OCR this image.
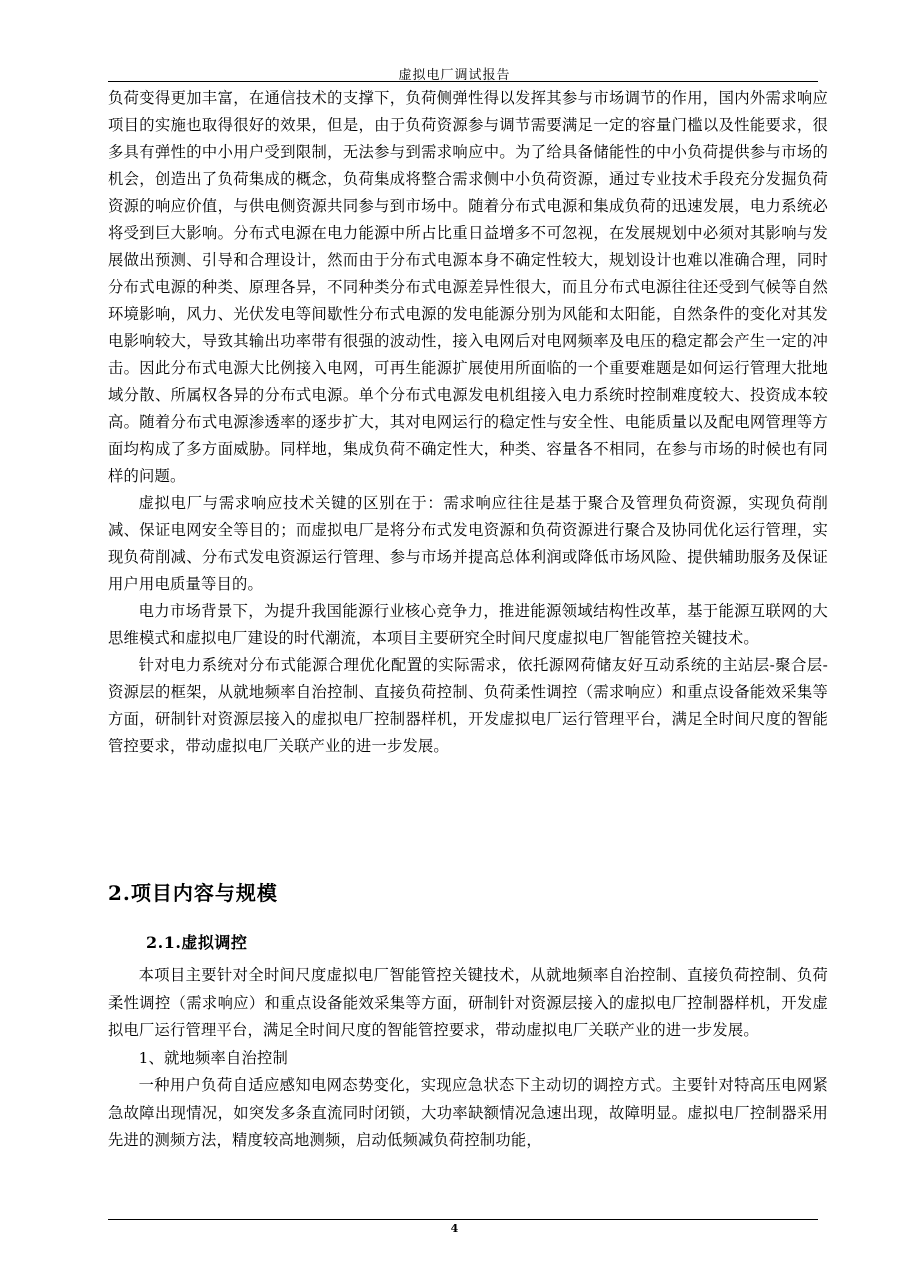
虚拟电厂调试报告

负荷变得更加丰富，在通信技术的支撑下，负荷侧弹性得以发挥其参与市场调节的作用，国内外需求响应项目的实施也取得很好的效果，但是，由于负荷资源参与调节需要满足一定的容量门槛以及性能要求，很多具有弹性的中小用户受到限制，无法参与到需求响应中。为了给具备储能性的中小负荷提供参与市场的机会，创造出了负荷集成的概念，负荷集成将整合需求侧中小负荷资源，通过专业技术手段充分发掘负荷资源的响应价值，与供电侧资源共同参与到市场中。随着分布式电源和集成负荷的迅速发展，电力系统必将受到巨大影响。分布式电源在电力能源中所占比重日益增多不可忽视，在发展规划中必须对其影响与发展做出预测、引导和合理设计，然而由于分布式电源本身不确定性较大，规划设计也难以准确合理，同时分布式电源的种类、原理各异，不同种类分布式电源差异性很大，而且分布式电源往往还受到气候等自然环境影响，风力、光伏发电等间歇性分布式电源的发电能源分别为风能和太阳能，自然条件的变化对其发电影响较大，导致其输出功率带有很强的波动性，接入电网后对电网频率及电压的稳定都会产生一定的冲击。因此分布式电源大比例接入电网，可再生能源扩展使用所面临的一个重要难题是如何运行管理大批地域分散、所属权各异的分布式电源。单个分布式电源发电机组接入电力系统时控制难度较大、投资成本较高。随着分布式电源渗透率的逐步扩大，其对电网运行的稳定性与安全性、电能质量以及配电网管理等方面均构成了多方面威胁。同样地，集成负荷不确定性大，种类、容量各不相同，在参与市场的时候也有同样的问题。

虚拟电厂与需求响应技术关键的区别在于：需求响应往往是基于聚合及管理负荷资源，实现负荷削减、保证电网安全等目的；而虚拟电厂是将分布式发电资源和负荷资源进行聚合及协同优化运行管理，实现负荷削减、分布式发电资源运行管理、参与市场并提高总体利润或降低市场风险、提供辅助服务及保证用户用电质量等目的。

电力市场背景下，为提升我国能源行业核心竞争力，推进能源领域结构性改革，基于能源互联网的大思维模式和虚拟电厂建设的时代潮流，本项目主要研究全时间尺度虚拟电厂智能管控关键技术。

针对电力系统对分布式能源合理优化配置的实际需求，依托源网荷储友好互动系统的主站层-聚合层-资源层的框架，从就地频率自治控制、直接负荷控制、负荷柔性调控（需求响应）和重点设备能效采集等方面，研制针对资源层接入的虚拟电厂控制器样机，开发虚拟电厂运行管理平台，满足全时间尺度的智能管控要求，带动虚拟电厂关联产业的进一步发展。

2.项目内容与规模
2.1.虚拟调控

本项目主要针对全时间尺度虚拟电厂智能管控关键技术，从就地频率自治控制、直接负荷控制、负荷柔性调控（需求响应）和重点设备能效采集等方面，研制针对资源层接入的虚拟电厂控制器样机，开发虚拟电厂运行管理平台，满足全时间尺度的智能管控要求，带动虚拟电厂关联产业的进一步发展。

1、就地频率自治控制

一种用户负荷自适应感知电网态势变化，实现应急状态下主动切的调控方式。主要针对特高压电网紧急故障出现情况，如突发多条直流同时闭锁，大功率缺额情况急速出现，故障明显。虚拟电厂控制器采用先进的测频方法，精度较高地测频，启动低频减负荷控制功能，

4
